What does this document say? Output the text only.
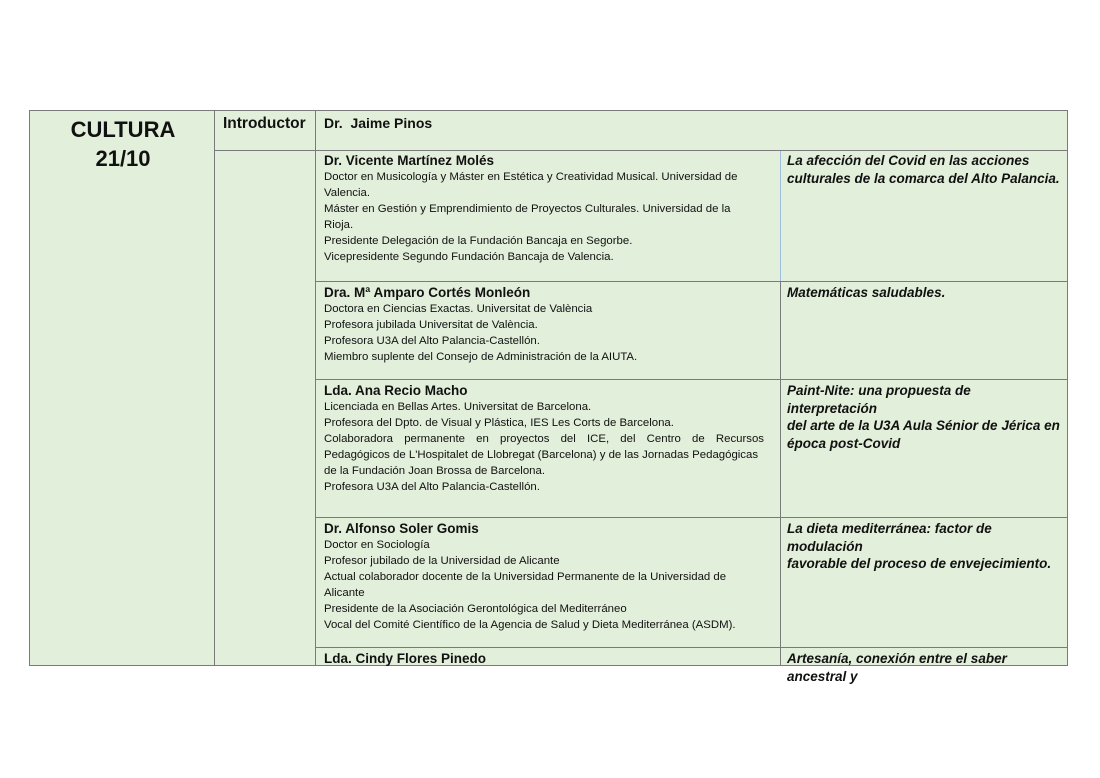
CULTURA
21/10
Introductor Dr.  Jaime Pinos
Dr. Vicente Martínez Molés
Doctor en Musicología y Máster en Estética y Creatividad Musical. Universidad de
Valencia.
Máster en Gestión y Emprendimiento de Proyectos Culturales. Universidad de la
Rioja.
Presidente Delegación de la Fundación Bancaja en Segorbe.
Vicepresidente Segundo Fundación Bancaja de Valencia.
La afección del Covid en las acciones
culturales de la comarca del Alto Palancia.
Dra. Mª Amparo Cortés Monleón
Doctora en Ciencias Exactas. Universitat de València
Profesora jubilada Universitat de València.
Profesora U3A del Alto Palancia-Castellón.
Miembro suplente del Consejo de Administración de la AIUTA.
Matemáticas saludables.
Lda. Ana Recio Macho
Licenciada en Bellas Artes. Universitat de Barcelona.
Profesora del Dpto. de Visual y Plástica, IES Les Corts de Barcelona.
Colaboradora permanente en proyectos del ICE, del Centro de Recursos
Pedagógicos de L'Hospitalet de Llobregat (Barcelona) y de las Jornadas Pedagógicas
de la Fundación Joan Brossa de Barcelona.
Profesora U3A del Alto Palancia-Castellón.
Paint-Nite: una propuesta de interpretación
del arte de la U3A Aula Sénior de Jérica en
época post-Covid
Dr. Alfonso Soler Gomis
Doctor en Sociología
Profesor jubilado de la Universidad de Alicante
Actual colaborador docente de la Universidad Permanente de la Universidad de
Alicante
Presidente de la Asociación Gerontológica del Mediterráneo
Vocal del Comité Científico de la Agencia de Salud y Dieta Mediterránea (ASDM).
La dieta mediterránea: factor de modulación
favorable del proceso de envejecimiento.
Lda. Cindy Flores Pinedo	Artesanía, conexión entre el saber ancestral y
